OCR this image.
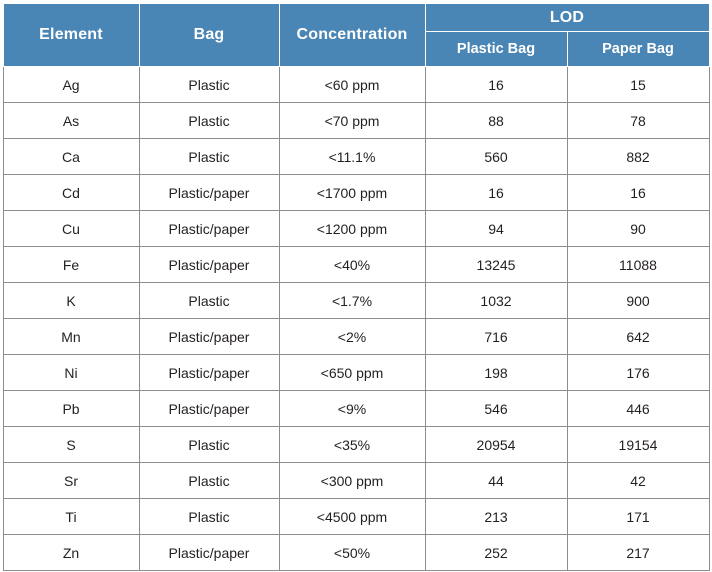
Element	Bag	Concentration	LOD	
			Plastic Bag	Paper Bag
Ag	Plastic	<60 ppm	16	15
As	Plastic	<70 ppm	88	78
Ca	Plastic	<11.1%	560	882
Cd	Plastic/paper	<1700 ppm	16	16
Cu	Plastic/paper	<1200 ppm	94	90
Fe	Plastic/paper	<40%	13245	11088
K	Plastic	<1.7%	1032	900
Mn	Plastic/paper	<2%	716	642
Ni	Plastic/paper	<650 ppm	198	176
Pb	Plastic/paper	<9%	546	446
S	Plastic	<35%	20954	19154
Sr	Plastic	<300 ppm	44	42
Ti	Plastic	<4500 ppm	213	171
Zn	Plastic/paper	<50%	252	217
